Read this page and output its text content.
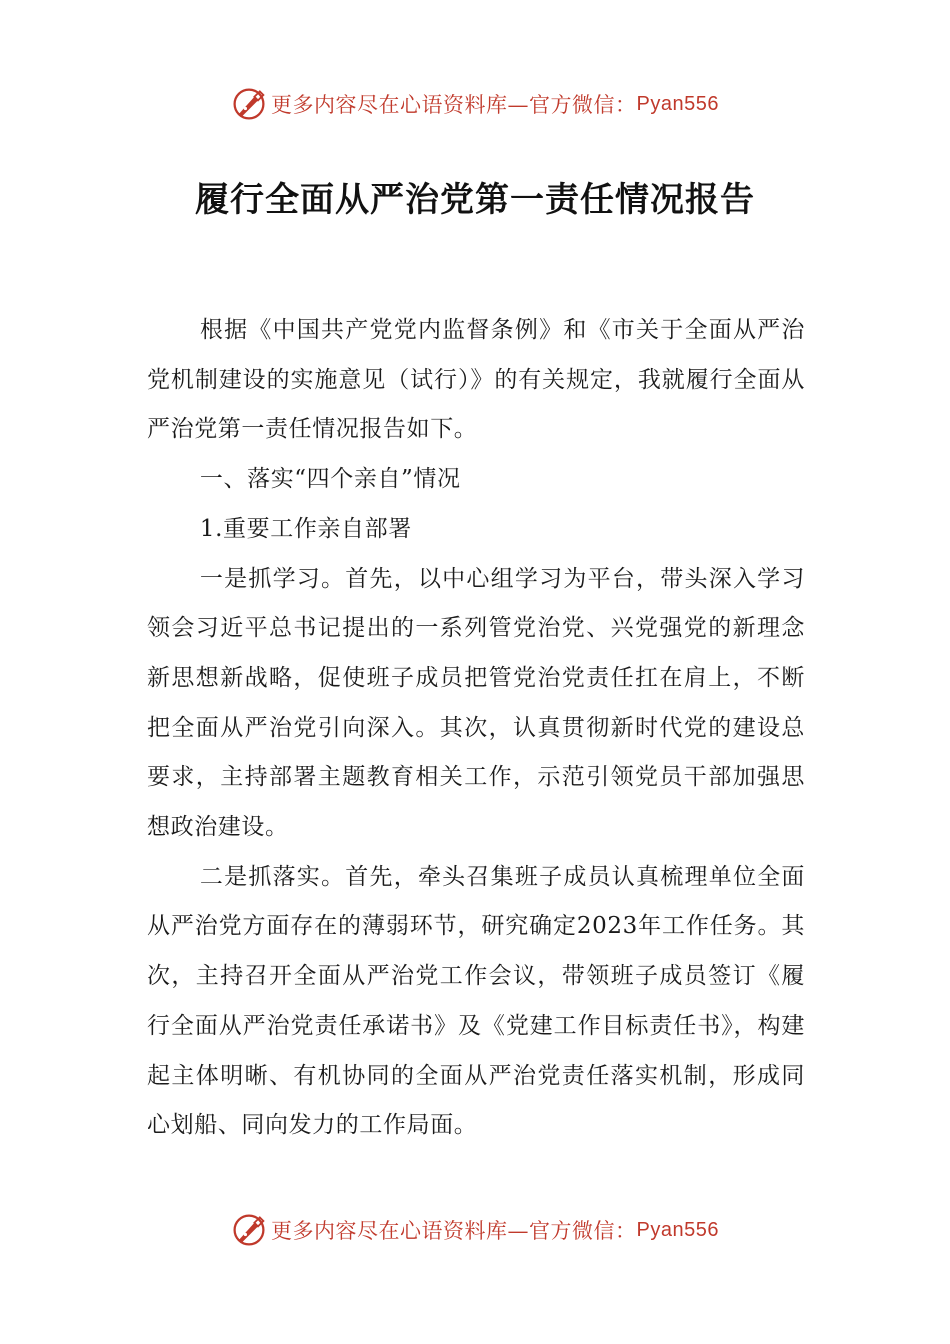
更多内容尽在心语资料库—官方微信： Pyan556
履行全面从严治党第一责任情况报告

根据《中国共产党党内监督条例》和《市关于全面从严治党机制建设的实施意见（试行）》的有关规定，我就履行全面从严治党第一责任情况报告如下。

一、落实“四个亲自”情况

1.重要工作亲自部署

一是抓学习。首先，以中心组学习为平台，带头深入学习领会习近平总书记提出的一系列管党治党、兴党强党的新理念新思想新战略，促使班子成员把管党治党责任扛在肩上，不断把全面从严治党引向深入。其次，认真贯彻新时代党的建设总要求，主持部署主题教育相关工作，示范引领党员干部加强思想政治建设。

二是抓落实。首先，牵头召集班子成员认真梳理单位全面从严治党方面存在的薄弱环节，研究确定2023年工作任务。其次，主持召开全面从严治党工作会议，带领班子成员签订《履行全面从严治党责任承诺书》及《党建工作目标责任书》，构建起主体明晰、有机协同的全面从严治党责任落实机制，形成同心划船、同向发力的工作局面。

更多内容尽在心语资料库—官方微信： Pyan556
